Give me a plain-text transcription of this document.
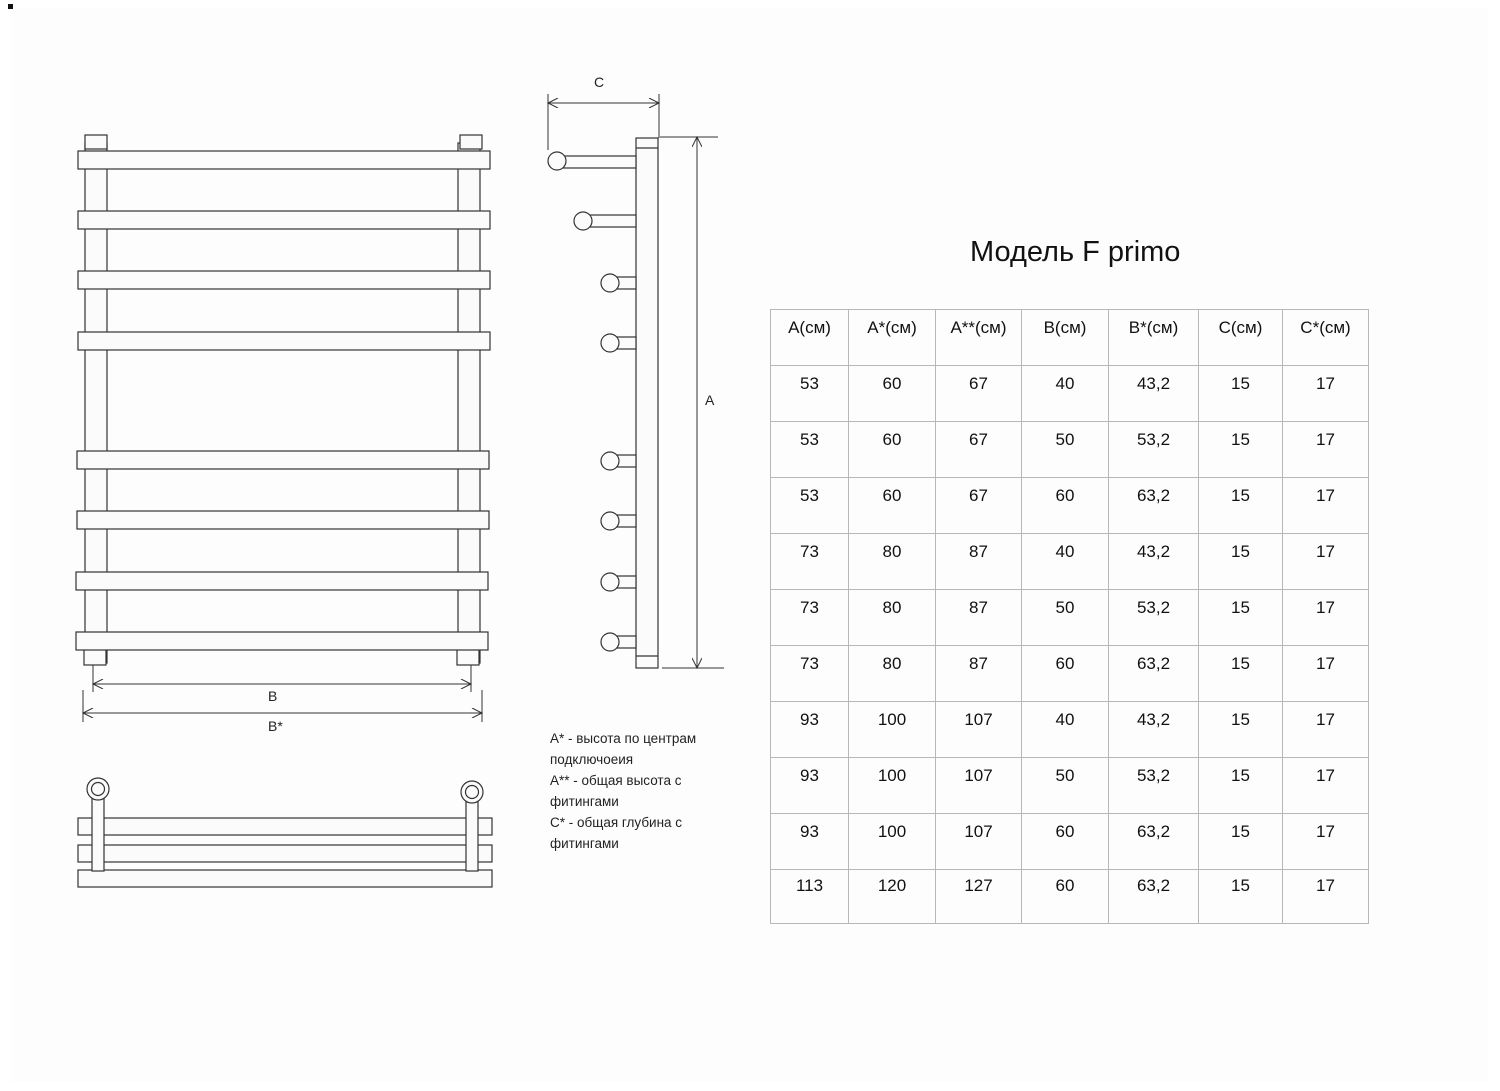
B
B*
C
A
A* - высота по центрам
подключоеия
A** - общая высота с
фитингами
C* - общая глубина с
фитингами
Модель F primo
A(см)	A*(см)	A**(см)	B(см)	B*(см)	C(см)	C*(см)
53	60	67	40	43,2	15	17
53	60	67	50	53,2	15	17
53	60	67	60	63,2	15	17
73	80	87	40	43,2	15	17
73	80	87	50	53,2	15	17
73	80	87	60	63,2	15	17
93	100	107	40	43,2	15	17
93	100	107	50	53,2	15	17
93	100	107	60	63,2	15	17
113	120	127	60	63,2	15	17
